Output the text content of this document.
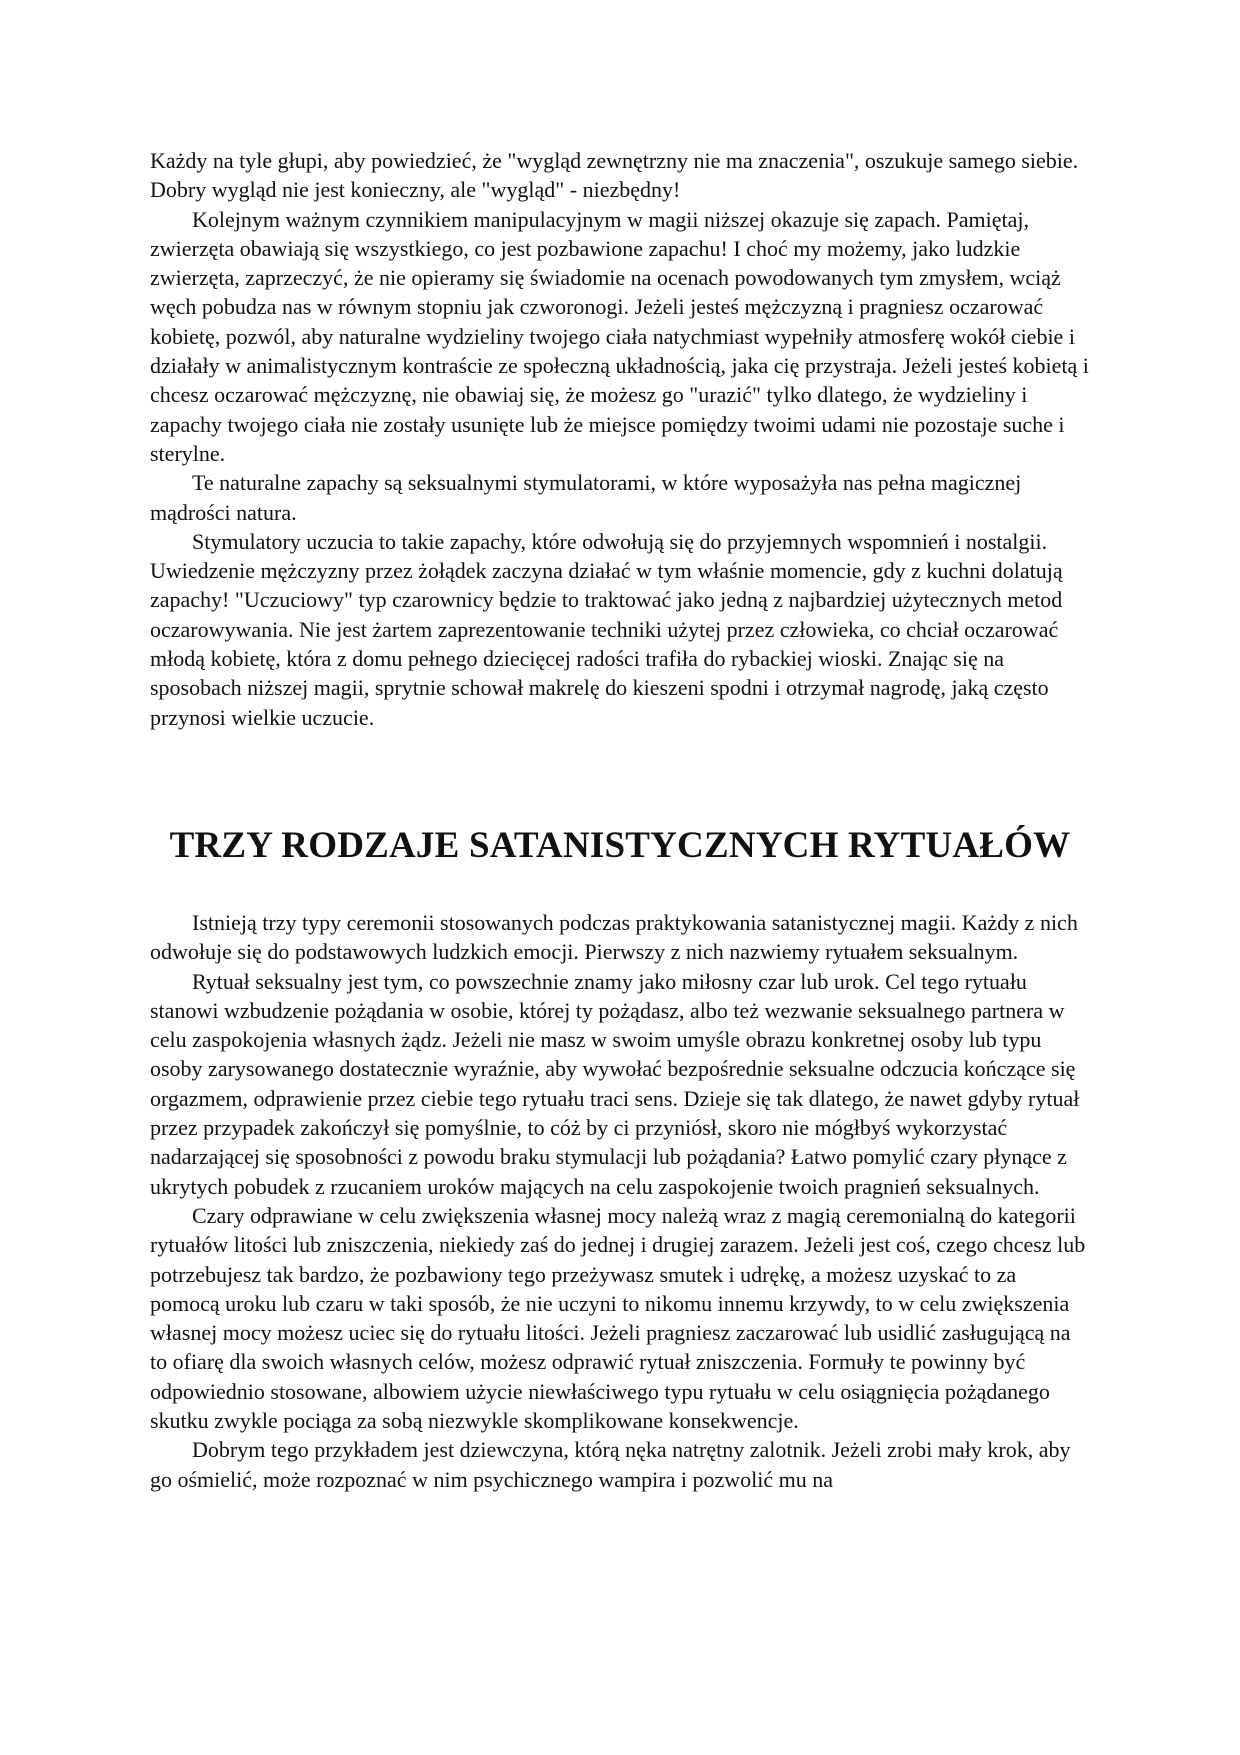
Każdy na tyle głupi, aby powiedzieć, że "wygląd zewnętrzny nie ma znaczenia", oszukuje samego siebie. Dobry wygląd nie jest konieczny, ale "wygląd" - niezbędny!

Kolejnym ważnym czynnikiem manipulacyjnym w magii niższej okazuje się zapach. Pamiętaj, zwierzęta obawiają się wszystkiego, co jest pozbawione zapachu! I choć my możemy, jako ludzkie zwierzęta, zaprzeczyć, że nie opieramy się świadomie na ocenach powodowanych tym zmysłem, wciąż węch pobudza nas w równym stopniu jak czworonogi. Jeżeli jesteś mężczyzną i pragniesz oczarować kobietę, pozwól, aby naturalne wydzieliny twojego ciała natychmiast wypełniły atmosferę wokół ciebie i działały w animalistycznym kontraście ze społeczną układnością, jaka cię przystraja. Jeżeli jesteś kobietą i chcesz oczarować mężczyznę, nie obawiaj się, że możesz go "urazić" tylko dlatego, że wydzieliny i zapachy twojego ciała nie zostały usunięte lub że miejsce pomiędzy twoimi udami nie pozostaje suche i sterylne.

Te naturalne zapachy są seksualnymi stymulatorami, w które wyposażyła nas pełna magicznej mądrości natura.

Stymulatory uczucia to takie zapachy, które odwołują się do przyjemnych wspomnień i nostalgii. Uwiedzenie mężczyzny przez żołądek zaczyna działać w tym właśnie momencie, gdy z kuchni dolatują zapachy! "Uczuciowy" typ czarownicy będzie to traktować jako jedną z najbardziej użytecznych metod oczarowywania. Nie jest żartem zaprezentowanie techniki użytej przez człowieka, co chciał oczarować młodą kobietę, która z domu pełnego dziecięcej radości trafiła do rybackiej wioski. Znając się na sposobach niższej magii, sprytnie schował makrelę do kieszeni spodni i otrzymał nagrodę, jaką często przynosi wielkie uczucie.

TRZY RODZAJE SATANISTYCZNYCH RYTUAŁÓW

Istnieją trzy typy ceremonii stosowanych podczas praktykowania satanistycznej magii. Każdy z nich odwołuje się do podstawowych ludzkich emocji. Pierwszy z nich nazwiemy rytuałem seksualnym.

Rytuał seksualny jest tym, co powszechnie znamy jako miłosny czar lub urok. Cel tego rytuału stanowi wzbudzenie pożądania w osobie, której ty pożądasz, albo też wezwanie seksualnego partnera w celu zaspokojenia własnych żądz. Jeżeli nie masz w swoim umyśle obrazu konkretnej osoby lub typu osoby zarysowanego dostatecznie wyraźnie, aby wywołać bezpośrednie seksualne odczucia kończące się orgazmem, odprawienie przez ciebie tego rytuału traci sens. Dzieje się tak dlatego, że nawet gdyby rytuał przez przypadek zakończył się pomyślnie, to cóż by ci przyniósł, skoro nie mógłbyś wykorzystać nadarzającej się sposobności z powodu braku stymulacji lub pożądania? Łatwo pomylić czary płynące z ukrytych pobudek z rzucaniem uroków mających na celu zaspokojenie twoich pragnień seksualnych.

Czary odprawiane w celu zwiększenia własnej mocy należą wraz z magią ceremonialną do kategorii rytuałów litości lub zniszczenia, niekiedy zaś do jednej i drugiej zarazem. Jeżeli jest coś, czego chcesz lub potrzebujesz tak bardzo, że pozbawiony tego przeżywasz smutek i udrękę, a możesz uzyskać to za pomocą uroku lub czaru w taki sposób, że nie uczyni to nikomu innemu krzywdy, to w celu zwiększenia własnej mocy możesz uciec się do rytuału litości. Jeżeli pragniesz zaczarować lub usidlić zasługującą na to ofiarę dla swoich własnych celów, możesz odprawić rytuał zniszczenia. Formuły te powinny być odpowiednio stosowane, albowiem użycie niewłaściwego typu rytuału w celu osiągnięcia pożądanego skutku zwykle pociąga za sobą niezwykle skomplikowane konsekwencje.

Dobrym tego przykładem jest dziewczyna, którą nęka natrętny zalotnik. Jeżeli zrobi mały krok, aby go ośmielić, może rozpoznać w nim psychicznego wampira i pozwolić mu na
